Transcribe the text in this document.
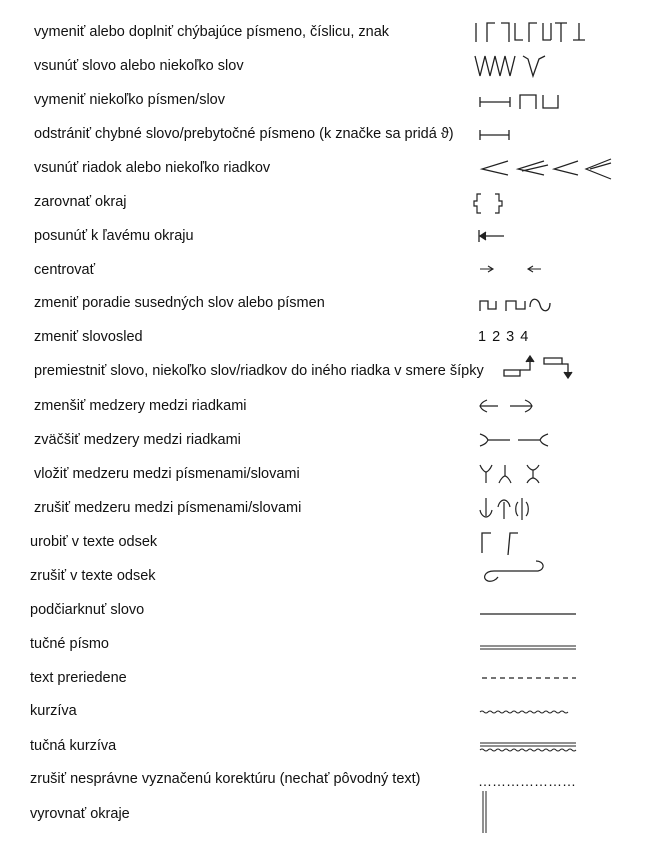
vymeniť alebo doplniť chýbajúce písmeno, číslicu, znak
vsunúť slovo alebo niekoľko slov
vymeniť niekoľko písmen/slov
odstrániť chybné slovo/prebytočné písmeno (k značke sa pridá ϑ)
vsunúť riadok alebo niekoľko riadkov
zarovnať okraj
posunúť k ľavému okraju
centrovať
zmeniť poradie susedných slov alebo písmen
zmeniť slovosled	1 2 3 4
premiestniť slovo, niekoľko slov/riadkov do iného riadka v smere šípky
zmenšiť medzery medzi riadkami
zväčšiť medzery medzi riadkami
vložiť medzeru medzi písmenami/slovami
zrušiť medzeru medzi písmenami/slovami
urobiť v texte odsek
zrušiť v texte odsek
podčiarknuť slovo
tučné písmo
text preriedene
kurzíva
tučná kurzíva
zrušiť nesprávne vyznačenú korektúru (nechať pôvodný text)	…………………
vyrovnať okraje
